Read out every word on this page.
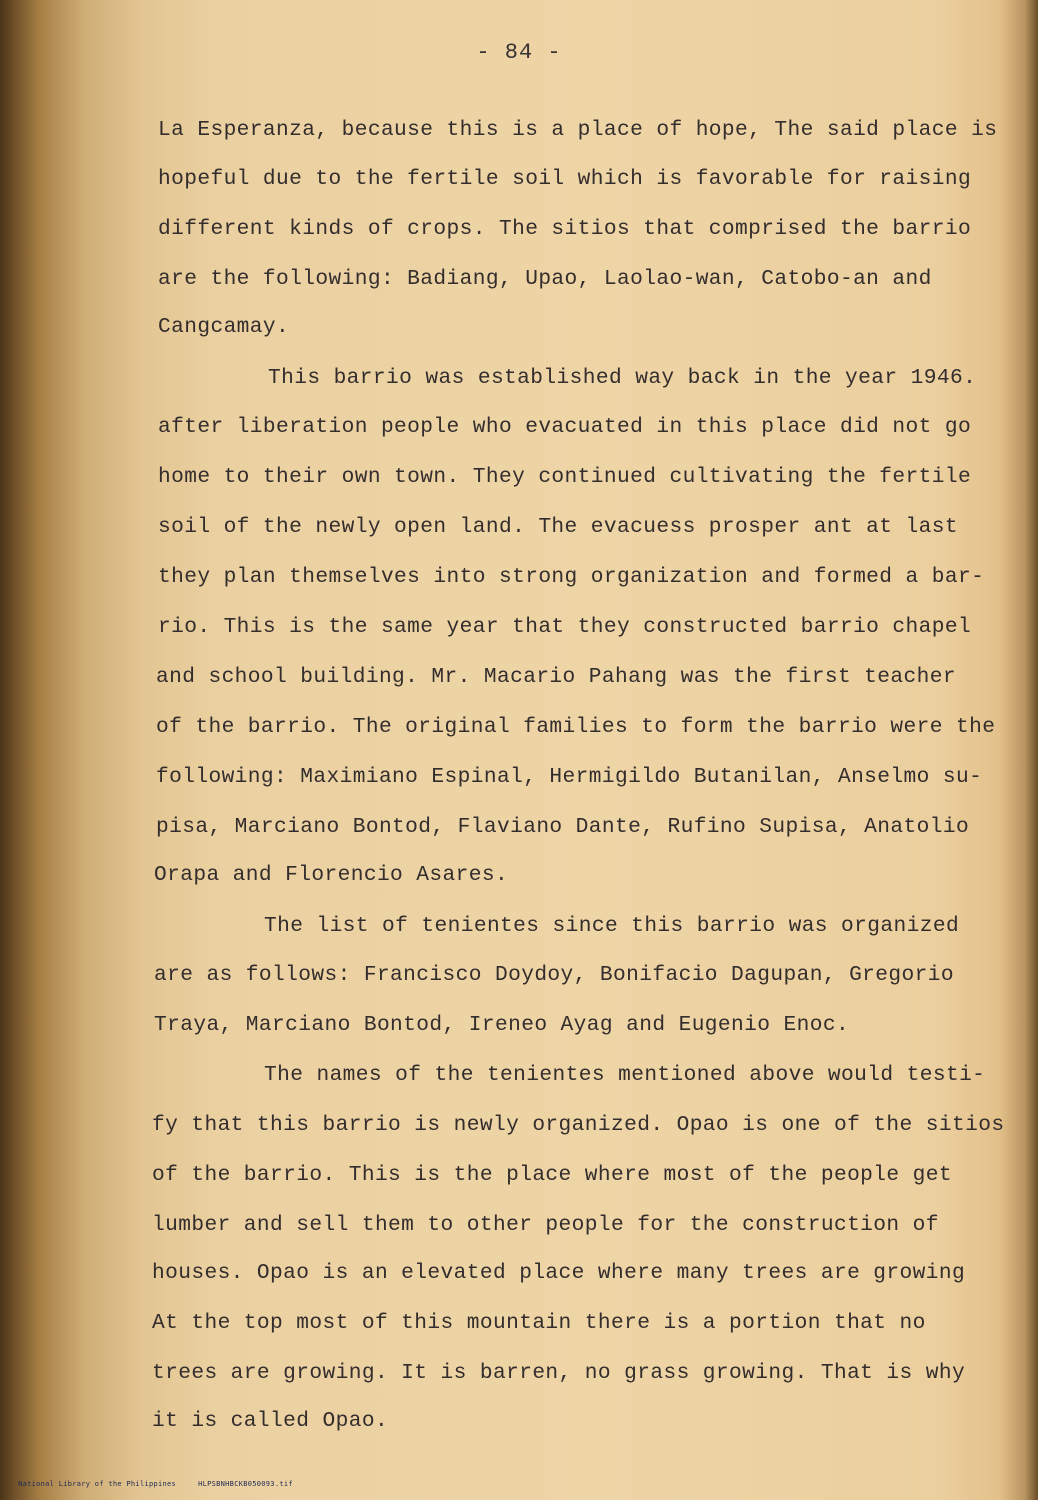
- 84 -
La Esperanza, because this is a place of hope, The said place is
hopeful due to the fertile soil which is favorable for raising
different kinds of crops. The sitios that comprised the barrio
are the following: Badiang, Upao, Laolao-wan, Catobo-an and
Cangcamay.
This barrio was established way back in the year 1946.
after liberation people who evacuated in this place did not go
home to their own town. They continued cultivating the fertile
soil of the newly open land. The evacuess prosper ant at last
they plan themselves into strong organization and formed a bar-
rio. This is the same year that they constructed barrio chapel
and school building. Mr. Macario Pahang was the first teacher
of the barrio. The original families to form the barrio were the
following: Maximiano Espinal, Hermigildo Butanilan, Anselmo su-
pisa, Marciano Bontod, Flaviano Dante, Rufino Supisa, Anatolio
Orapa and Florencio Asares.
The list of tenientes since this barrio was organized
are as follows: Francisco Doydoy, Bonifacio Dagupan, Gregorio
Traya, Marciano Bontod, Ireneo Ayag and Eugenio Enoc.
The names of the tenientes mentioned above would testi-
fy that this barrio is newly organized. Opao is one of the sitios
of the barrio. This is the place where most of the people get
lumber and sell them to other people for the construction of
houses. Opao is an elevated place where many trees are growing
At the top most of this mountain there is a portion that no
trees are growing. It is barren, no grass growing. That is why
it is called Opao.

National Library of the Philippines	HLPSBNHBCKB050093.tif
